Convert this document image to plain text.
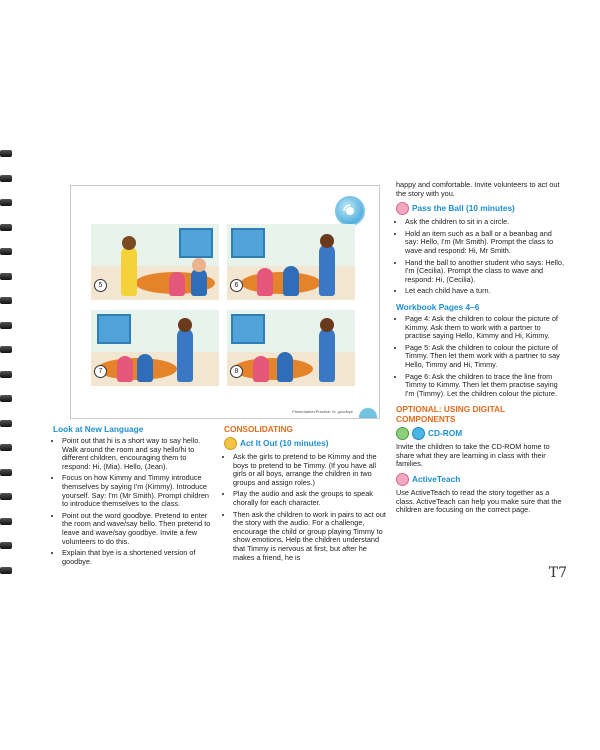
5	6
7	8
Presentation/Practice: hi, goodbye
Look at New Language
• Point out that hi is a short way to say hello. Walk around the room and say hello/hi to different children, encouraging them to respond: Hi, (Mia). Hello, (Jean).
• Focus on how Kimmy and Timmy introduce themselves by saying I'm (Kimmy). Introduce yourself. Say: I'm (Mr Smith). Prompt children to introduce themselves to the class.
• Point out the word goodbye. Pretend to enter the room and wave/say hello. Then pretend to leave and wave/say goodbye. Invite a few volunteers to do this.
• Explain that bye is a shortened version of goodbye.
CONSOLIDATING
Act It Out (10 minutes)
• Ask the girls to pretend to be Kimmy and the boys to pretend to be Timmy. (If you have all girls or all boys, arrange the children in two groups and assign roles.)
• Play the audio and ask the groups to speak chorally for each character.
• Then ask the children to work in pairs to act out the story with the audio. For a challenge, encourage the child or group playing Timmy to show emotions. Help the children understand that Timmy is nervous at first, but after he makes a friend, he is

happy and comfortable. Invite volunteers to act out the story with you.

Pass the Ball (10 minutes)
• Ask the children to sit in a circle.
• Hold an item such as a ball or a beanbag and say: Hello, I'm (Mr Smith). Prompt the class to wave and respond: Hi, Mr Smith.
• Hand the ball to another student who says: Hello, I'm (Cecilia). Prompt the class to wave and respond: Hi, (Cecilia).
• Let each child have a turn.
Workbook Pages 4–6
• Page 4: Ask the children to colour the picture of Kimmy. Ask them to work with a partner to practise saying Hello, Kimmy and Hi, Kimmy.
• Page 5: Ask the children to colour the picture of Timmy. Then let them work with a partner to say Hello, Timmy and Hi, Timmy.
• Page 6: Ask the children to trace the line from Timmy to Kimmy. Then let them practise saying I'm (Timmy). Let the children colour the picture.
OPTIONAL: USING DIGITAL COMPONENTS
CD-ROM

Invite the children to take the CD-ROM home to share what they are learning in class with their families.

ActiveTeach

Use ActiveTeach to read the story together as a class. ActiveTeach can help you make sure that the children are focusing on the correct page.

T7
